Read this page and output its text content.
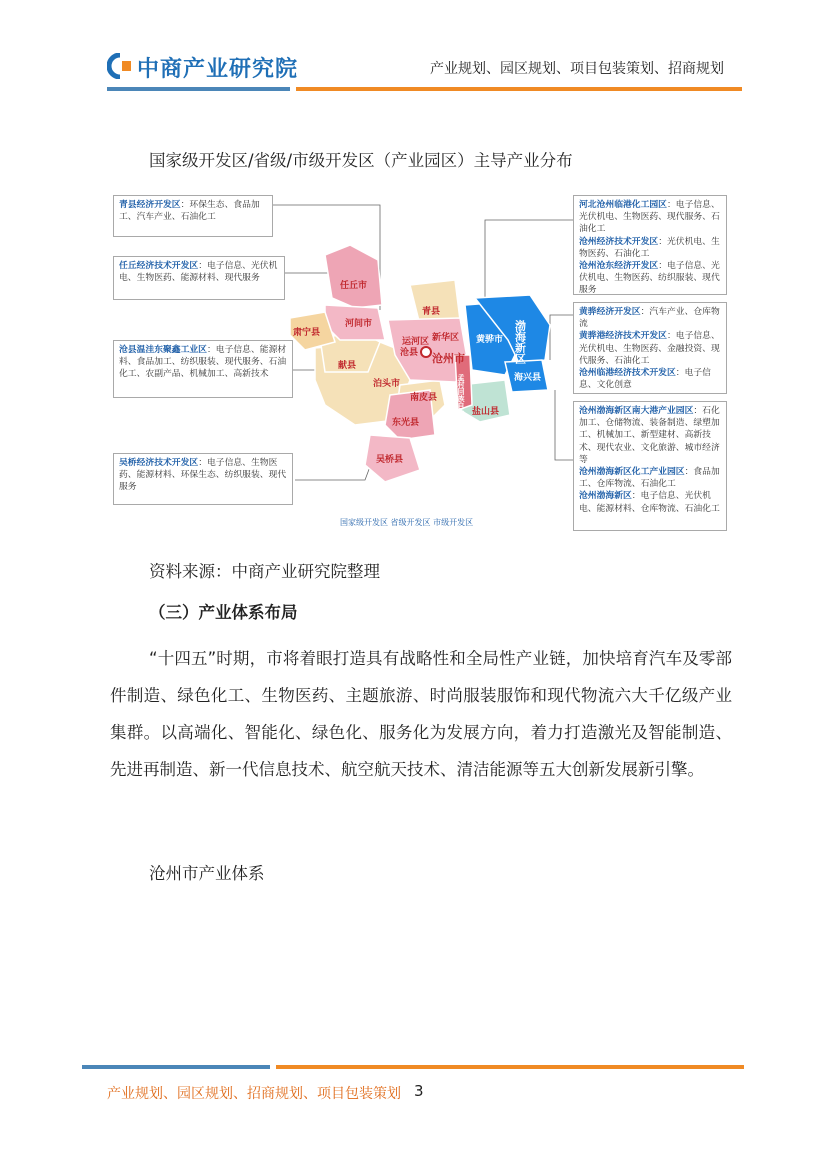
中商产业研究院	产业规划、园区规划、项目包装策划、招商规划
国家级开发区/省级/市级开发区（产业园区）主导产业分布
任丘市
河间市
肃宁县
献县
青县
运河区 新华区
沧州市
沧县
泊头市
南皮县	孟村回族自治县 盐山县
东光县
吴桥县
黄骅市 渤海新区
海兴县
青县经济开发区：环保生态、食品加工、汽车产业、石油化工
任丘经济技术开发区：电子信息、光伏机电、生物医药、能源材料、现代服务
沧县温洼东聚鑫工业区：电子信息、能源材料、食品加工、纺织服装、现代服务、石油化工、农副产品、机械加工、高新技术
吴桥经济技术开发区：电子信息、生物医药、能源材料、环保生态、纺织服装、现代服务
河北沧州临港化工园区：电子信息、光伏机电、生物医药、现代服务、石油化工
沧州经济技术开发区：光伏机电、生物医药、石油化工
沧州沧东经济开发区：电子信息、光伏机电、生物医药、纺织服装、现代服务
黄骅经济开发区：汽车产业、仓库物流
黄骅港经济技术开发区：电子信息、光伏机电、生物医药、金融投资、现代服务、石油化工
沧州临港经济技术开发区：电子信息、文化创意
沧州渤海新区南大港产业园区：石化加工、仓储物流、装备制造、绿塑加工、机械加工、新型建材、高新技术、现代农业、文化旅游、城市经济等
沧州渤海新区化工产业园区：食品加工、仓库物流、石油化工
沧州渤海新区：电子信息、光伏机电、能源材料、仓库物流、石油化工
国家级开发区 省级开发区 市级开发区
资料来源：中商产业研究院整理
（三）产业体系布局
“十四五”时期，市将着眼打造具有战略性和全局性产业链，加快培育汽车及零部件制造、绿色化工、生物医药、主题旅游、时尚服装服饰和现代物流六大千亿级产业集群。以高端化、智能化、绿色化、服务化为发展方向，着力打造激光及智能制造、先进再制造、新一代信息技术、航空航天技术、清洁能源等五大创新发展新引擎。
沧州市产业体系
产业规划、园区规划、招商规划、项目包装策划 3
